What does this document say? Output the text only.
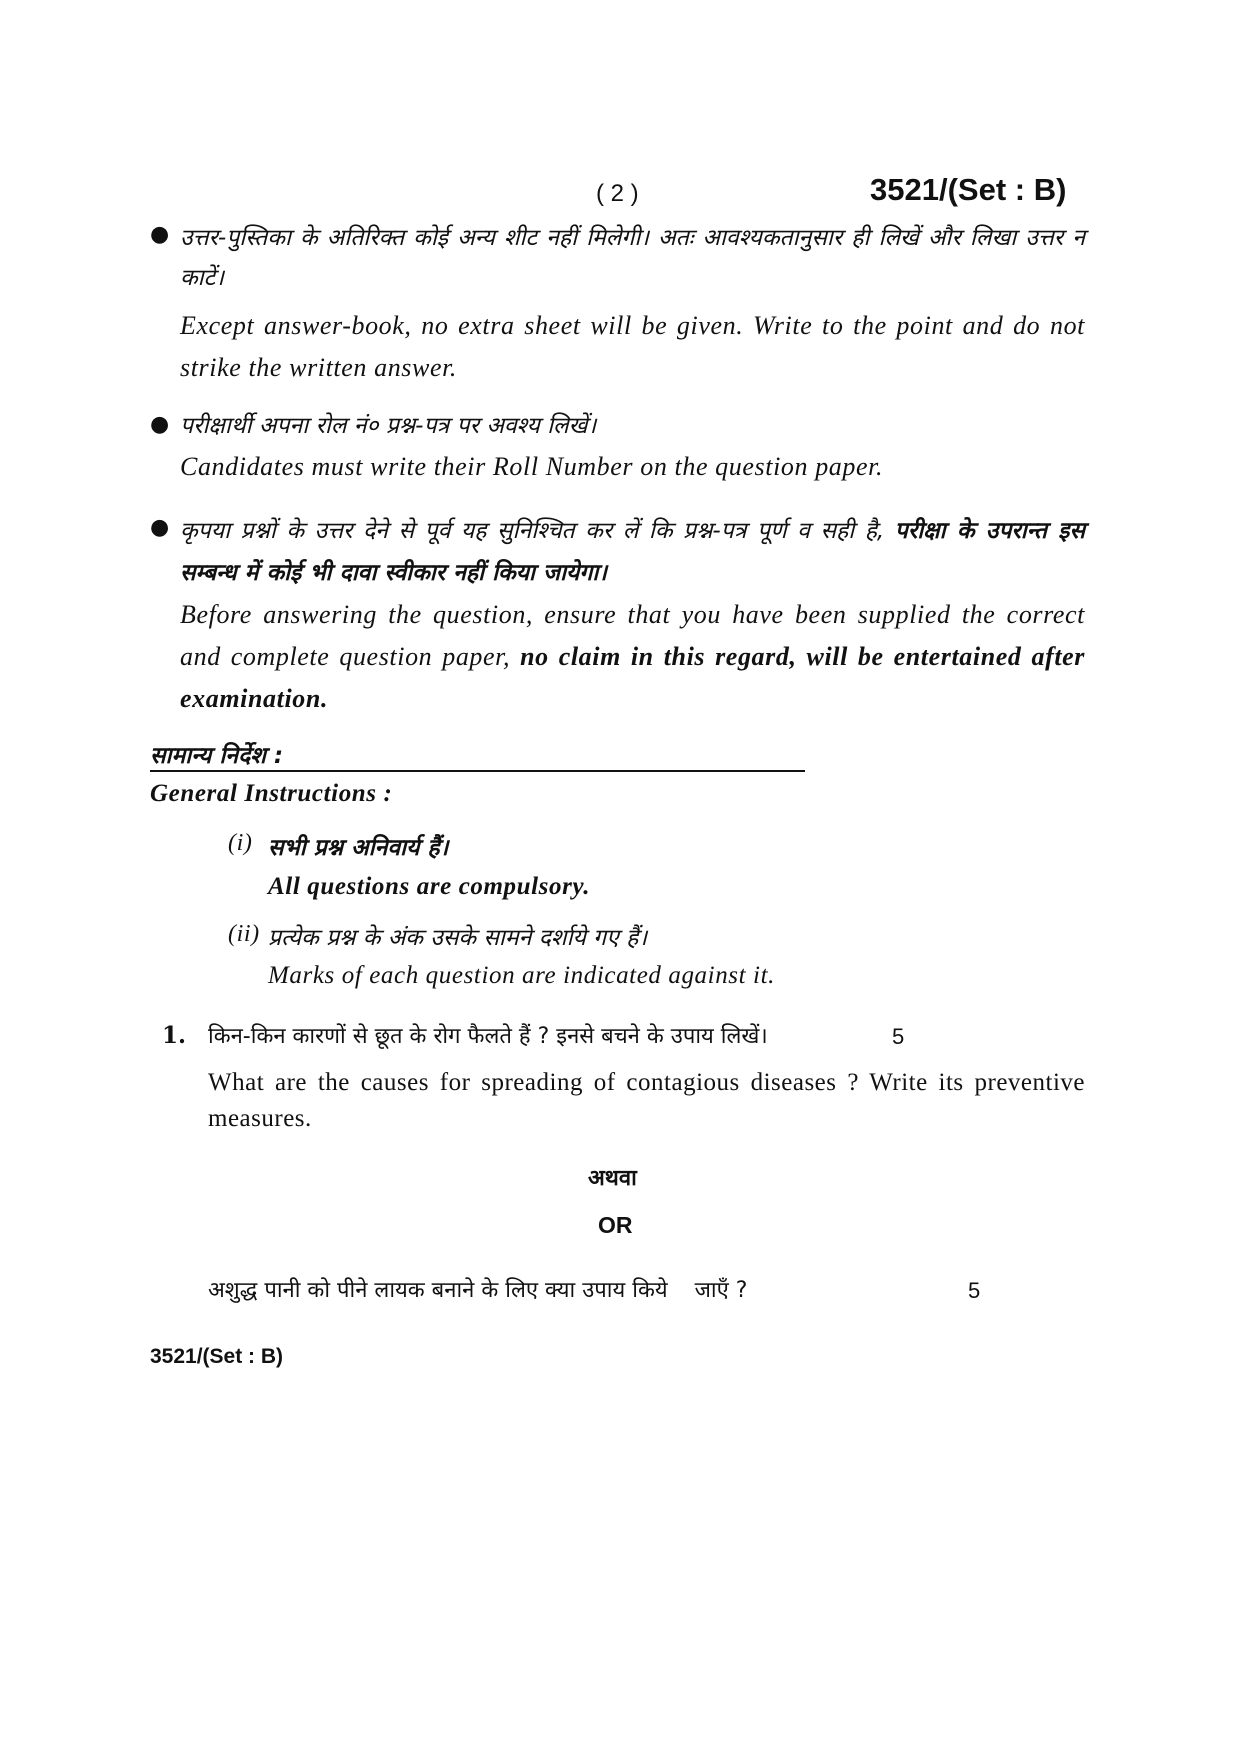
( 2 )	3521/(Set : B)
● उत्तर-पुस्तिका के अतिरिक्त कोई अन्य शीट नहीं मिलेगी। अतः आवश्यकतानुसार ही लिखें और लिखा उत्तर न काटें।
Except answer-book, no extra sheet will be given. Write to the point and do not strike the written answer.
● परीक्षार्थी अपना रोल नं० प्रश्न-पत्र पर अवश्य लिखें।
Candidates must write their Roll Number on the question paper.
● कृपया प्रश्नों के उत्तर देने से पूर्व यह सुनिश्चित कर लें कि प्रश्न-पत्र पूर्ण व सही है, परीक्षा के उपरान्त इस सम्बन्ध में कोई भी दावा स्वीकार नहीं किया जायेगा।
Before answering the question, ensure that you have been supplied the correct and complete question paper, no claim in this regard, will be entertained after examination.
सामान्य निर्देश :
General Instructions :
(i) सभी प्रश्न अनिवार्य हैं।
All questions are compulsory.
(ii) प्रत्येक प्रश्न के अंक उसके सामने दर्शाये गए हैं।
Marks of each question are indicated against it.
1. किन-किन कारणों से छूत के रोग फैलते हैं ? इनसे बचने के उपाय लिखें।	5
What are the causes for spreading of contagious diseases ? Write its preventive measures.
अथवा
OR
अशुद्ध पानी को पीने लायक बनाने के लिए क्या उपाय किये जाएँ ?	5
3521/(Set : B)
